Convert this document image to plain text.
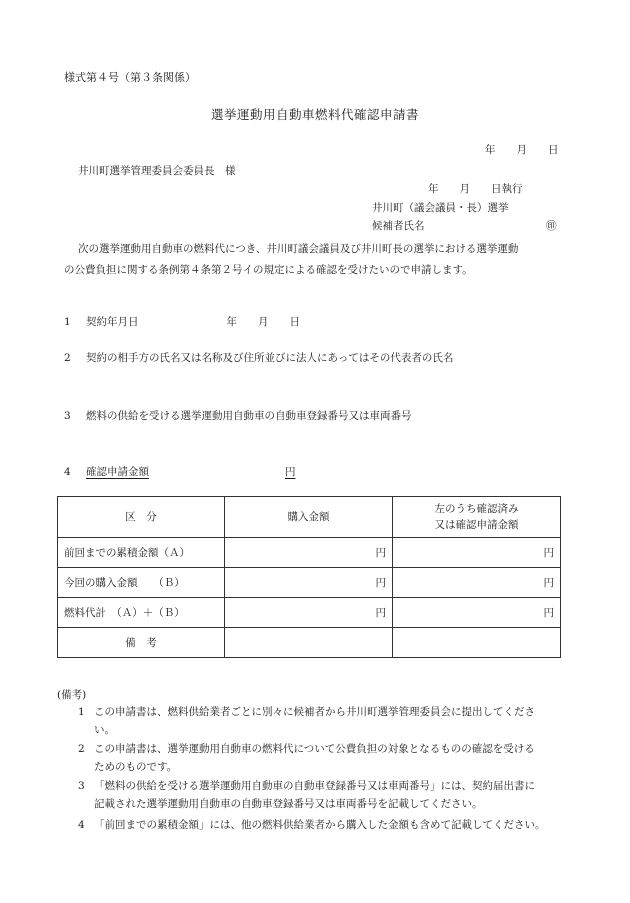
様式第４号（第３条関係）
選挙運動用自動車燃料代確認申請書
年　　月　　日
井川町選挙管理委員会委員長　様
年　　月　　日執行
井川町（議会議員・長）選挙
候補者氏名	㊞
次の選挙運動用自動車の燃料代につき、井川町議会議員及び井川町長の選挙における選挙運動
の公費負担に関する条例第４条第２号イの規定による確認を受けたいので申請します。
1 契約年月日	年　　月　　日
2 契約の相手方の氏名又は名称及び住所並びに法人にあってはその代表者の氏名
3 燃料の供給を受ける選挙運動用自動車の自動車登録番号又は車両番号
4 確認申請金額	円
区　分	購入金額	左のうち確認済み
又は確認申請金額
前回までの累積金額（Ａ）	円	円
今回の購入金額　　（Ｂ）	円	円
燃料代計　（Ａ）＋（Ｂ）	円	円
備　考		
(備考)
1 この申請書は、燃料供給業者ごとに別々に候補者から井川町選挙管理委員会に提出してくださ
い。
2 この申請書は、選挙運動用自動車の燃料代について公費負担の対象となるものの確認を受ける
ためのものです。
3 「燃料の供給を受ける選挙運動用自動車の自動車登録番号又は車両番号」には、契約届出書に
記載された選挙運動用自動車の自動車登録番号又は車両番号を記載してください。
4 「前回までの累積金額」には、他の燃料供給業者から購入した金額も含めて記載してください。
